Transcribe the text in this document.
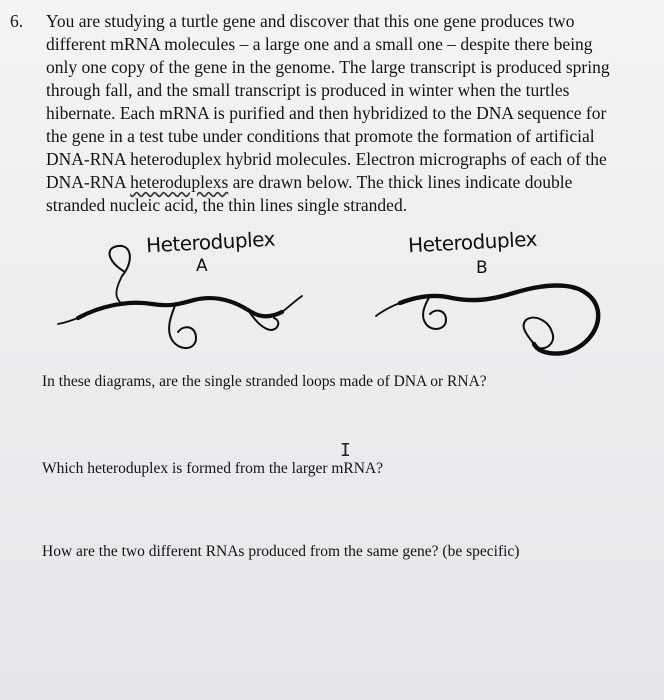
6. You are studying a turtle gene and discover that this one gene produces two
different mRNA molecules – a large one and a small one – despite there being
only one copy of the gene in the genome. The large transcript is produced spring
through fall, and the small transcript is produced in winter when the turtles
hibernate. Each mRNA is purified and then hybridized to the DNA sequence for
the gene in a test tube under conditions that promote the formation of artificial
DNA-RNA heteroduplex hybrid molecules. Electron micrographs of each of the
DNA-RNA heteroduplexs are drawn below. The thick lines indicate double
stranded nucleic acid, the thin lines single stranded.
Heteroduplex
A
Heteroduplex
B
In these diagrams, are the single stranded loops made of DNA or RNA?
I
Which heteroduplex is formed from the larger mRNA?
How are the two different RNAs produced from the same gene? (be specific)
